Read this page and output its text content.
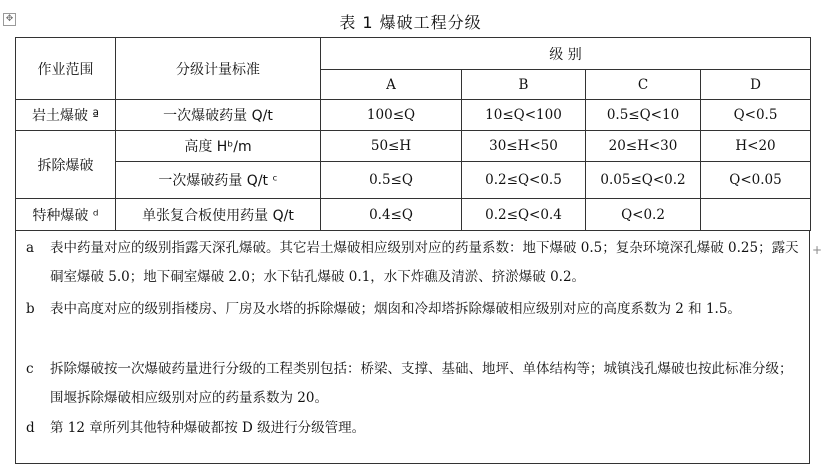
✥
+
表 1 爆破工程分级
作业范围	分级计量标准	级 别			
		A	B	C	D
岩土爆破 ª	一次爆破药量 Q/t	100≤Q	10≤Q<100	0.5≤Q<10	Q<0.5
拆除爆破	高度 Hᵇ/m	50≤H	30≤H<50	20≤H<30	H<20
	一次爆破药量 Q/t ᶜ	0.5≤Q	0.2≤Q<0.5	0.05≤Q<0.2	Q<0.05
特种爆破 ᵈ	单张复合板使用药量 Q/t	0.4≤Q	0.2≤Q<0.4	Q<0.2	
a	表中药量对应的级别指露天深孔爆破。其它岩土爆破相应级别对应的药量系数：地下爆破 0.5；复杂环境深孔爆破 0.25；露天硐室爆破 5.0；地下硐室爆破 2.0；水下钻孔爆破 0.1，水下炸礁及清淤、挤淤爆破 0.2。
b	表中高度对应的级别指楼房、厂房及水塔的拆除爆破；烟囱和冷却塔拆除爆破相应级别对应的高度系数为 2 和 1.5。
c	拆除爆破按一次爆破药量进行分级的工程类别包括：桥梁、支撑、基础、地坪、单体结构等；城镇浅孔爆破也按此标准分级；围堰拆除爆破相应级别对应的药量系数为 20。
d	第 12 章所列其他特种爆破都按 D 级进行分级管理。
